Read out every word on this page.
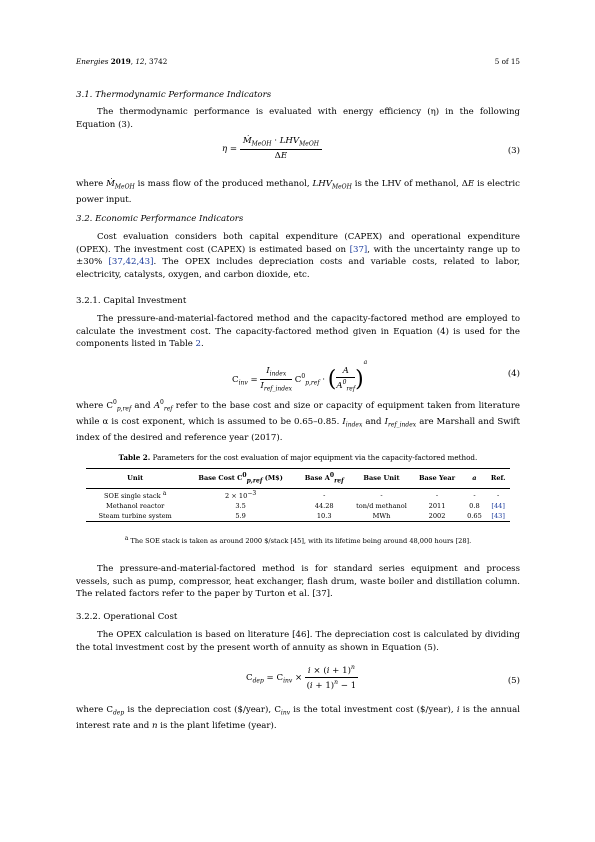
Energies 2019, 12, 3742	5 of 15
3.1. Thermodynamic Performance Indicators
The thermodynamic performance is evaluated with energy efficiency (η) in the following Equation (3).
$\eta = \frac{Ṁ_{MeOH} \cdot LHV_{MeOH}}{\Delta E}$	(3)
where Ṁ$_{MeOH}$ is mass flow of the produced methanol, $LHV_{MeOH}$ is the LHV of methanol, ΔE is electric power input.
3.2. Economic Performance Indicators
Cost evaluation considers both capital expenditure (CAPEX) and operational expenditure (OPEX). The investment cost (CAPEX) is estimated based on [37], with the uncertainty range up to ±30% [37,42,43]. The OPEX includes depreciation costs and variable costs, related to labor, electricity, catalysts, oxygen, and carbon dioxide, etc.
3.2.1. Capital Investment
The pressure-and-material-factored method and the capacity-factored method are employed to calculate the investment cost. The capacity-factored method given in Equation (4) is used for the components listed in Table 2.
$C_{inv} = \frac{I_{index}}{I_{ref\_index}} C^0_{p,ref}$ · ( $\frac{A}{A^0_{ref}} )^a$
(4)
where $C^0_{p,ref}$ and $A^0_{ref}$ refer to the base cost and size or capacity of equipment taken from literature while α is cost exponent, which is assumed to be 0.65–0.85. $I_{index}$ and $I_{ref\_index}$ are Marshall and Swift index of the desired and reference year (2017).
Table 2. Parameters for the cost evaluation of major equipment via the capacity-factored method.
Unit	Base Cost $C^0_{p,ref}$ (M$)	Base $A^0_{ref}$	Base Unit	Base Year	a	Ref.
SOE single stack $^a$	$2 \times 10^{-3}$	-	-	-	-	-
Methanol reactor	3.5	44.28	ton/d methanol	2011	0.8	[44]
Steam turbine system	5.9	10.3	MWh	2002	0.65	[43]
$^a$ The SOE stack is taken as around 2000 $/stack [45], with its lifetime being around 48,000 hours [28].
The pressure-and-material-factored method is for standard series equipment and process vessels, such as pump, compressor, heat exchanger, flash drum, waste boiler and distillation column. The related factors refer to the paper by Turton et al. [37].
3.2.2. Operational Cost
The OPEX calculation is based on literature [46]. The depreciation cost is calculated by dividing the total investment cost by the present worth of annuity as shown in Equation (5).
$C_{dep} = C_{inv} \times \frac{i \times (i + 1)^n}{(i + 1)^n - 1}$	(5)
where $C_{dep}$ is the depreciation cost ($/year), $C_{inv}$ is the total investment cost ($/year), i is the annual interest rate and n is the plant lifetime (year).
